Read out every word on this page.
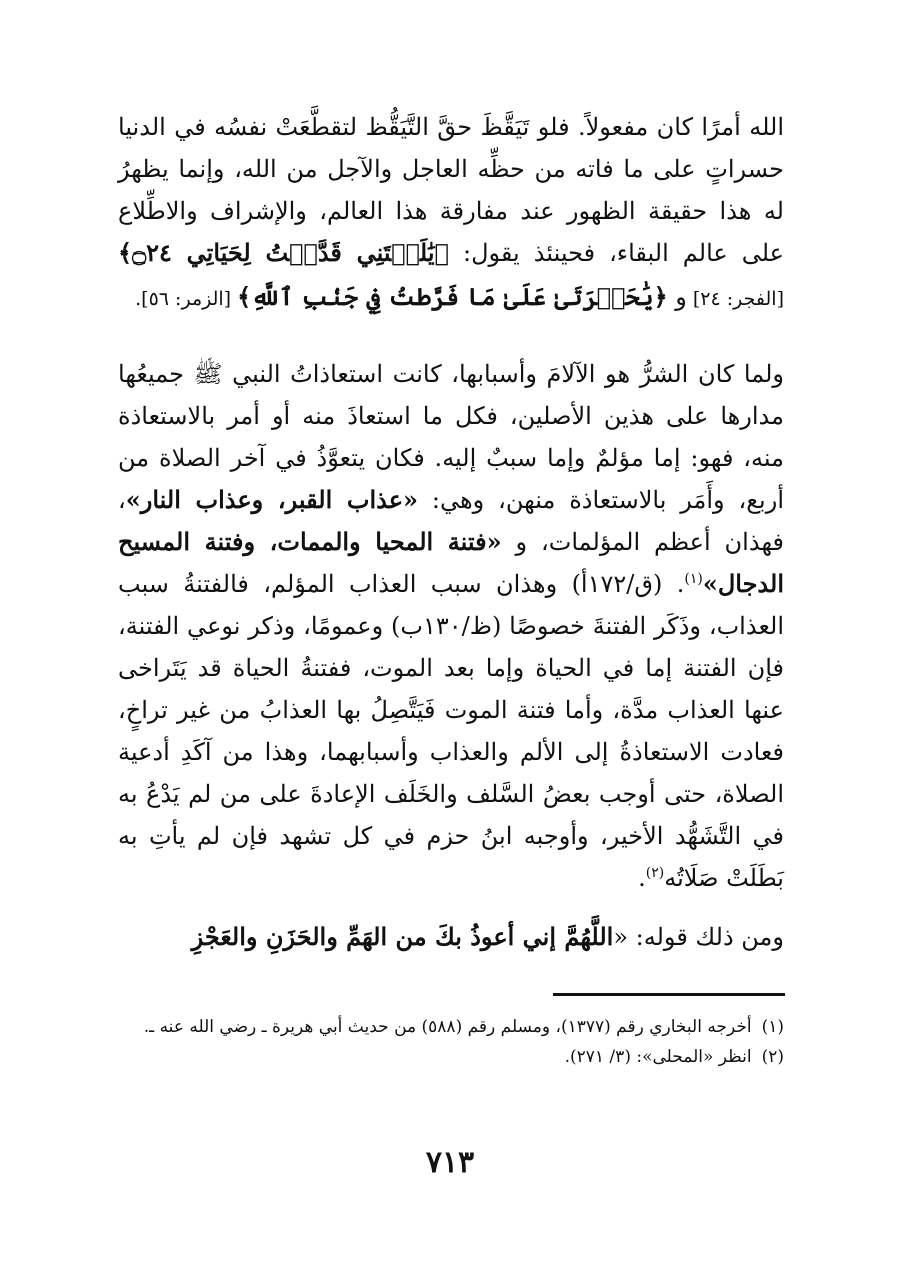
الله أمرًا كان مفعولاً. فلو تَيَقَّظَ حقَّ التَّيَقُّظ لتقطَّعَتْ نفسُه في الدنيا حسراتٍ على ما فاته من حظِّه العاجل والآجل من الله، وإنما يظهرُ له هذا حقيقة الظهور عند مفارقة هذا العالم، والإشراف والاطِّلاع على عالم البقاء، فحينئذ يقول: ﴿يَٰلَيۡتَنِي قَدَّمۡتُ لِحَيَاتِي ۝٢٤﴾ [الفجر: ٢٤] و ﴿يَٰحَسۡرَتَىٰ عَلَىٰ مَا فَرَّطتُ فِي جَنۢبِ ٱللَّهِ﴾ [الزمر: ٥٦].

ولما كان الشرُّ هو الآلامَ وأسبابها، كانت استعاذاتُ النبي ﷺ جميعُها مدارها على هذين الأصلين، فكل ما استعاذَ منه أو أمر بالاستعاذة منه، فهو: إما مؤلمٌ وإما سببٌ إليه. فكان يتعوَّذُ في آخر الصلاة من أربع، وأَمَر بالاستعاذة منهن، وهي: «عذاب القبر، وعذاب النار»، فهذان أعظم المؤلمات، و «فتنة المحيا والممات، وفتنة المسيح الدجال»$^{(١)}$. (ق/١٧٢أ) وهذان سبب العذاب المؤلم، فالفتنةُ سبب العذاب، وذَكَر الفتنةَ خصوصًا (ظ/١٣٠ب) وعمومًا، وذكر نوعي الفتنة، فإن الفتنة إما في الحياة وإما بعد الموت، ففتنةُ الحياة قد يَتَراخى عنها العذاب مدَّة، وأما فتنة الموت فَيَتَّصِلُ بها العذابُ من غير تراخٍ، فعادت الاستعاذةُ إلى الألم والعذاب وأسبابهما، وهذا من آكَدِ أدعية الصلاة، حتى أوجب بعضُ السَّلف والخَلَف الإعادةَ على من لم يَدْعُ به في التَّشَهُّد الأخير، وأوجبه ابنُ حزم في كل تشهد فإن لم يأتِ به بَطَلَتْ صَلَاتُه$^{(٢)}$.

ومن ذلك قوله: «اللَّهُمَّ إني أعوذُ بكَ من الهَمِّ والحَزَنِ والعَجْزِ

(١)أخرجه البخاري رقم (١٣٧٧)، ومسلم رقم (٥٨٨) من حديث أبي هريرة ـ رضي الله عنه ـ.

(٢)انظر «المحلى»: (٣/ ٢٧١).

٧١٣
